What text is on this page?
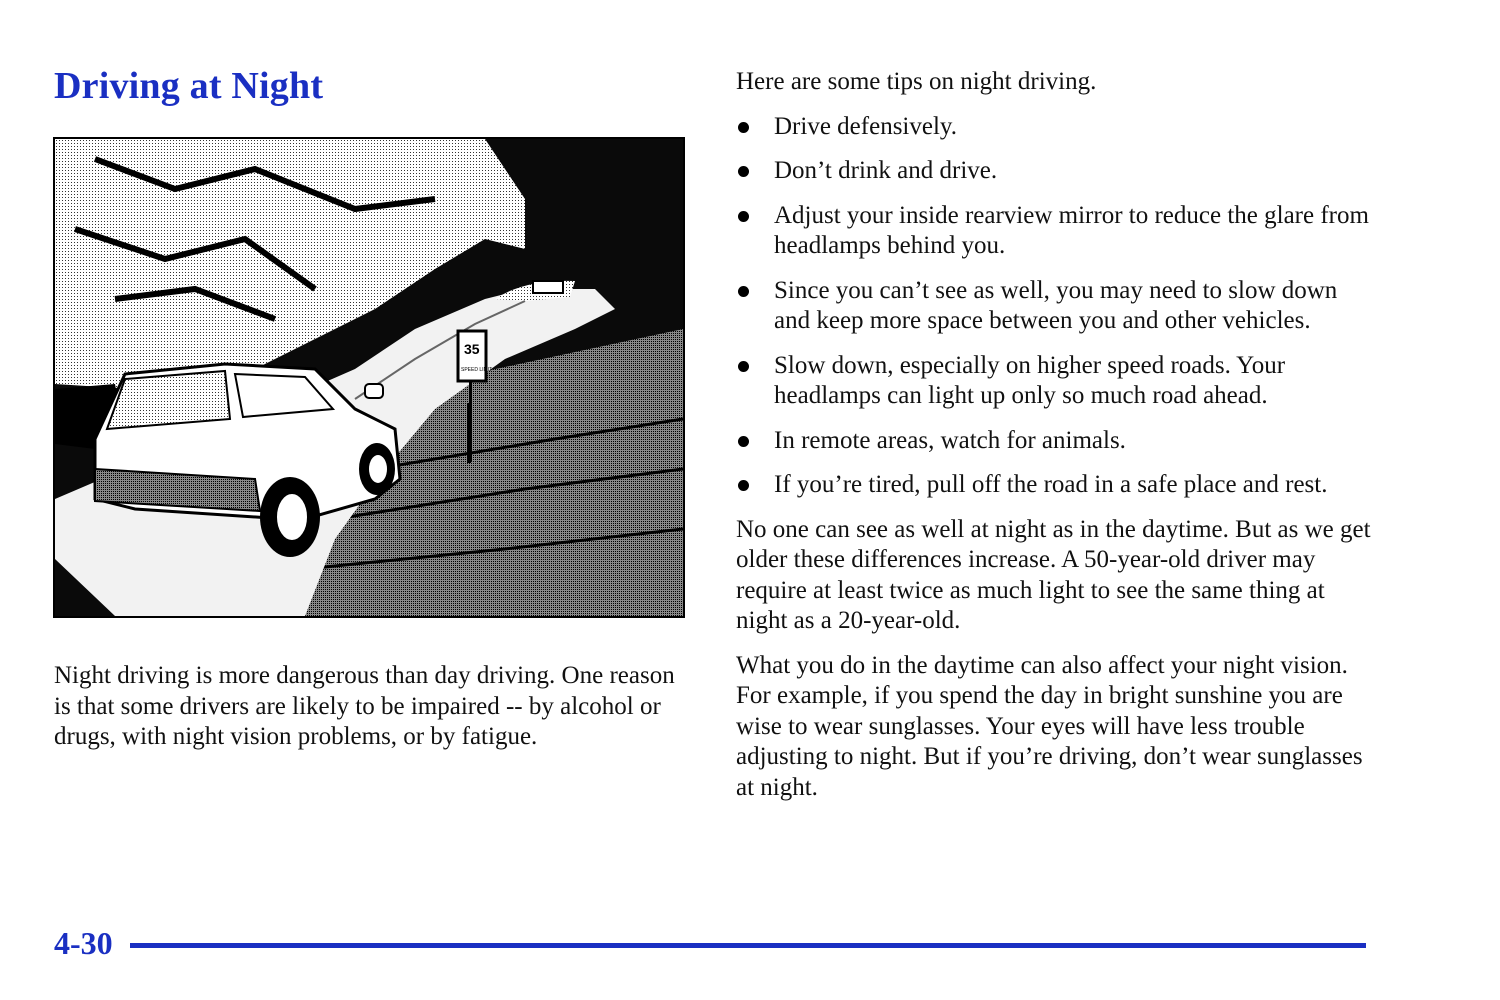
Driving at Night
35
SPEED LIMIT

Night driving is more dangerous than day driving. One reason is that some drivers are likely to be impaired -- by alcohol or drugs, with night vision problems, or by fatigue.

Here are some tips on night driving.

Drive defensively.
Don’t drink and drive.
Adjust your inside rearview mirror to reduce the glare from headlamps behind you.
Since you can’t see as well, you may need to slow down and keep more space between you and other vehicles.
Slow down, especially on higher speed roads. Your headlamps can light up only so much road ahead.
In remote areas, watch for animals.
If you’re tired, pull off the road in a safe place and rest.

No one can see as well at night as in the daytime. But as we get older these differences increase. A 50-year-old driver may require at least twice as much light to see the same thing at night as a 20-year-old.

What you do in the daytime can also affect your night vision. For example, if you spend the day in bright sunshine you are wise to wear sunglasses. Your eyes will have less trouble adjusting to night. But if you’re driving, don’t wear sunglasses at night.

4-30
